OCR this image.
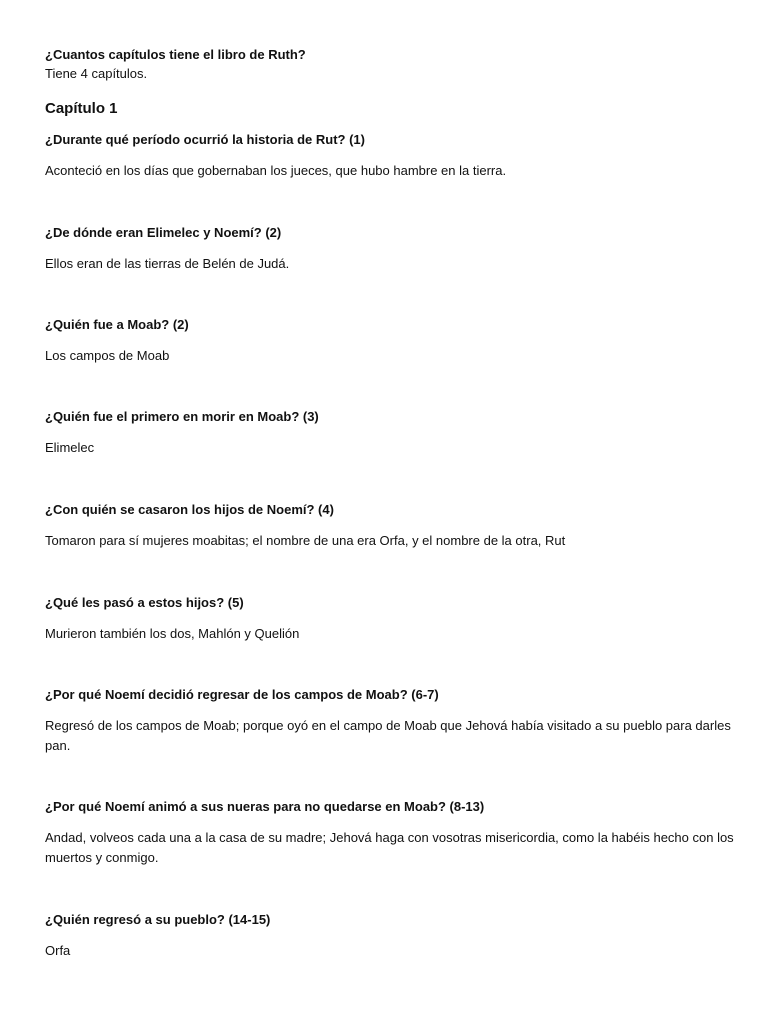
¿Cuantos capítulos tiene el libro de Ruth?
Tiene 4 capítulos.
Capítulo 1

¿Durante qué período ocurrió la historia de Rut? (1)

Aconteció en los días que gobernaban los jueces, que hubo hambre en la tierra.

¿De dónde eran Elimelec y Noemí? (2)

Ellos eran de las tierras de Belén de Judá.

¿Quién fue a Moab? (2)

Los campos de Moab

¿Quién fue el primero en morir en Moab? (3)

Elimelec

¿Con quién se casaron los hijos de Noemí? (4)

Tomaron para sí mujeres moabitas; el nombre de una era Orfa, y el nombre de la otra, Rut

¿Qué les pasó a estos hijos? (5)

Murieron también los dos, Mahlón y Quelión

¿Por qué Noemí decidió regresar de los campos de Moab? (6-7)

Regresó de los campos de Moab; porque oyó en el campo de Moab que Jehová había visitado a su pueblo para darles pan.

¿Por qué Noemí animó a sus nueras para no quedarse en Moab? (8-13)

Andad, volveos cada una a la casa de su madre; Jehová haga con vosotras misericordia, como la habéis hecho con los muertos y conmigo.

¿Quién regresó a su pueblo? (14-15)

Orfa
